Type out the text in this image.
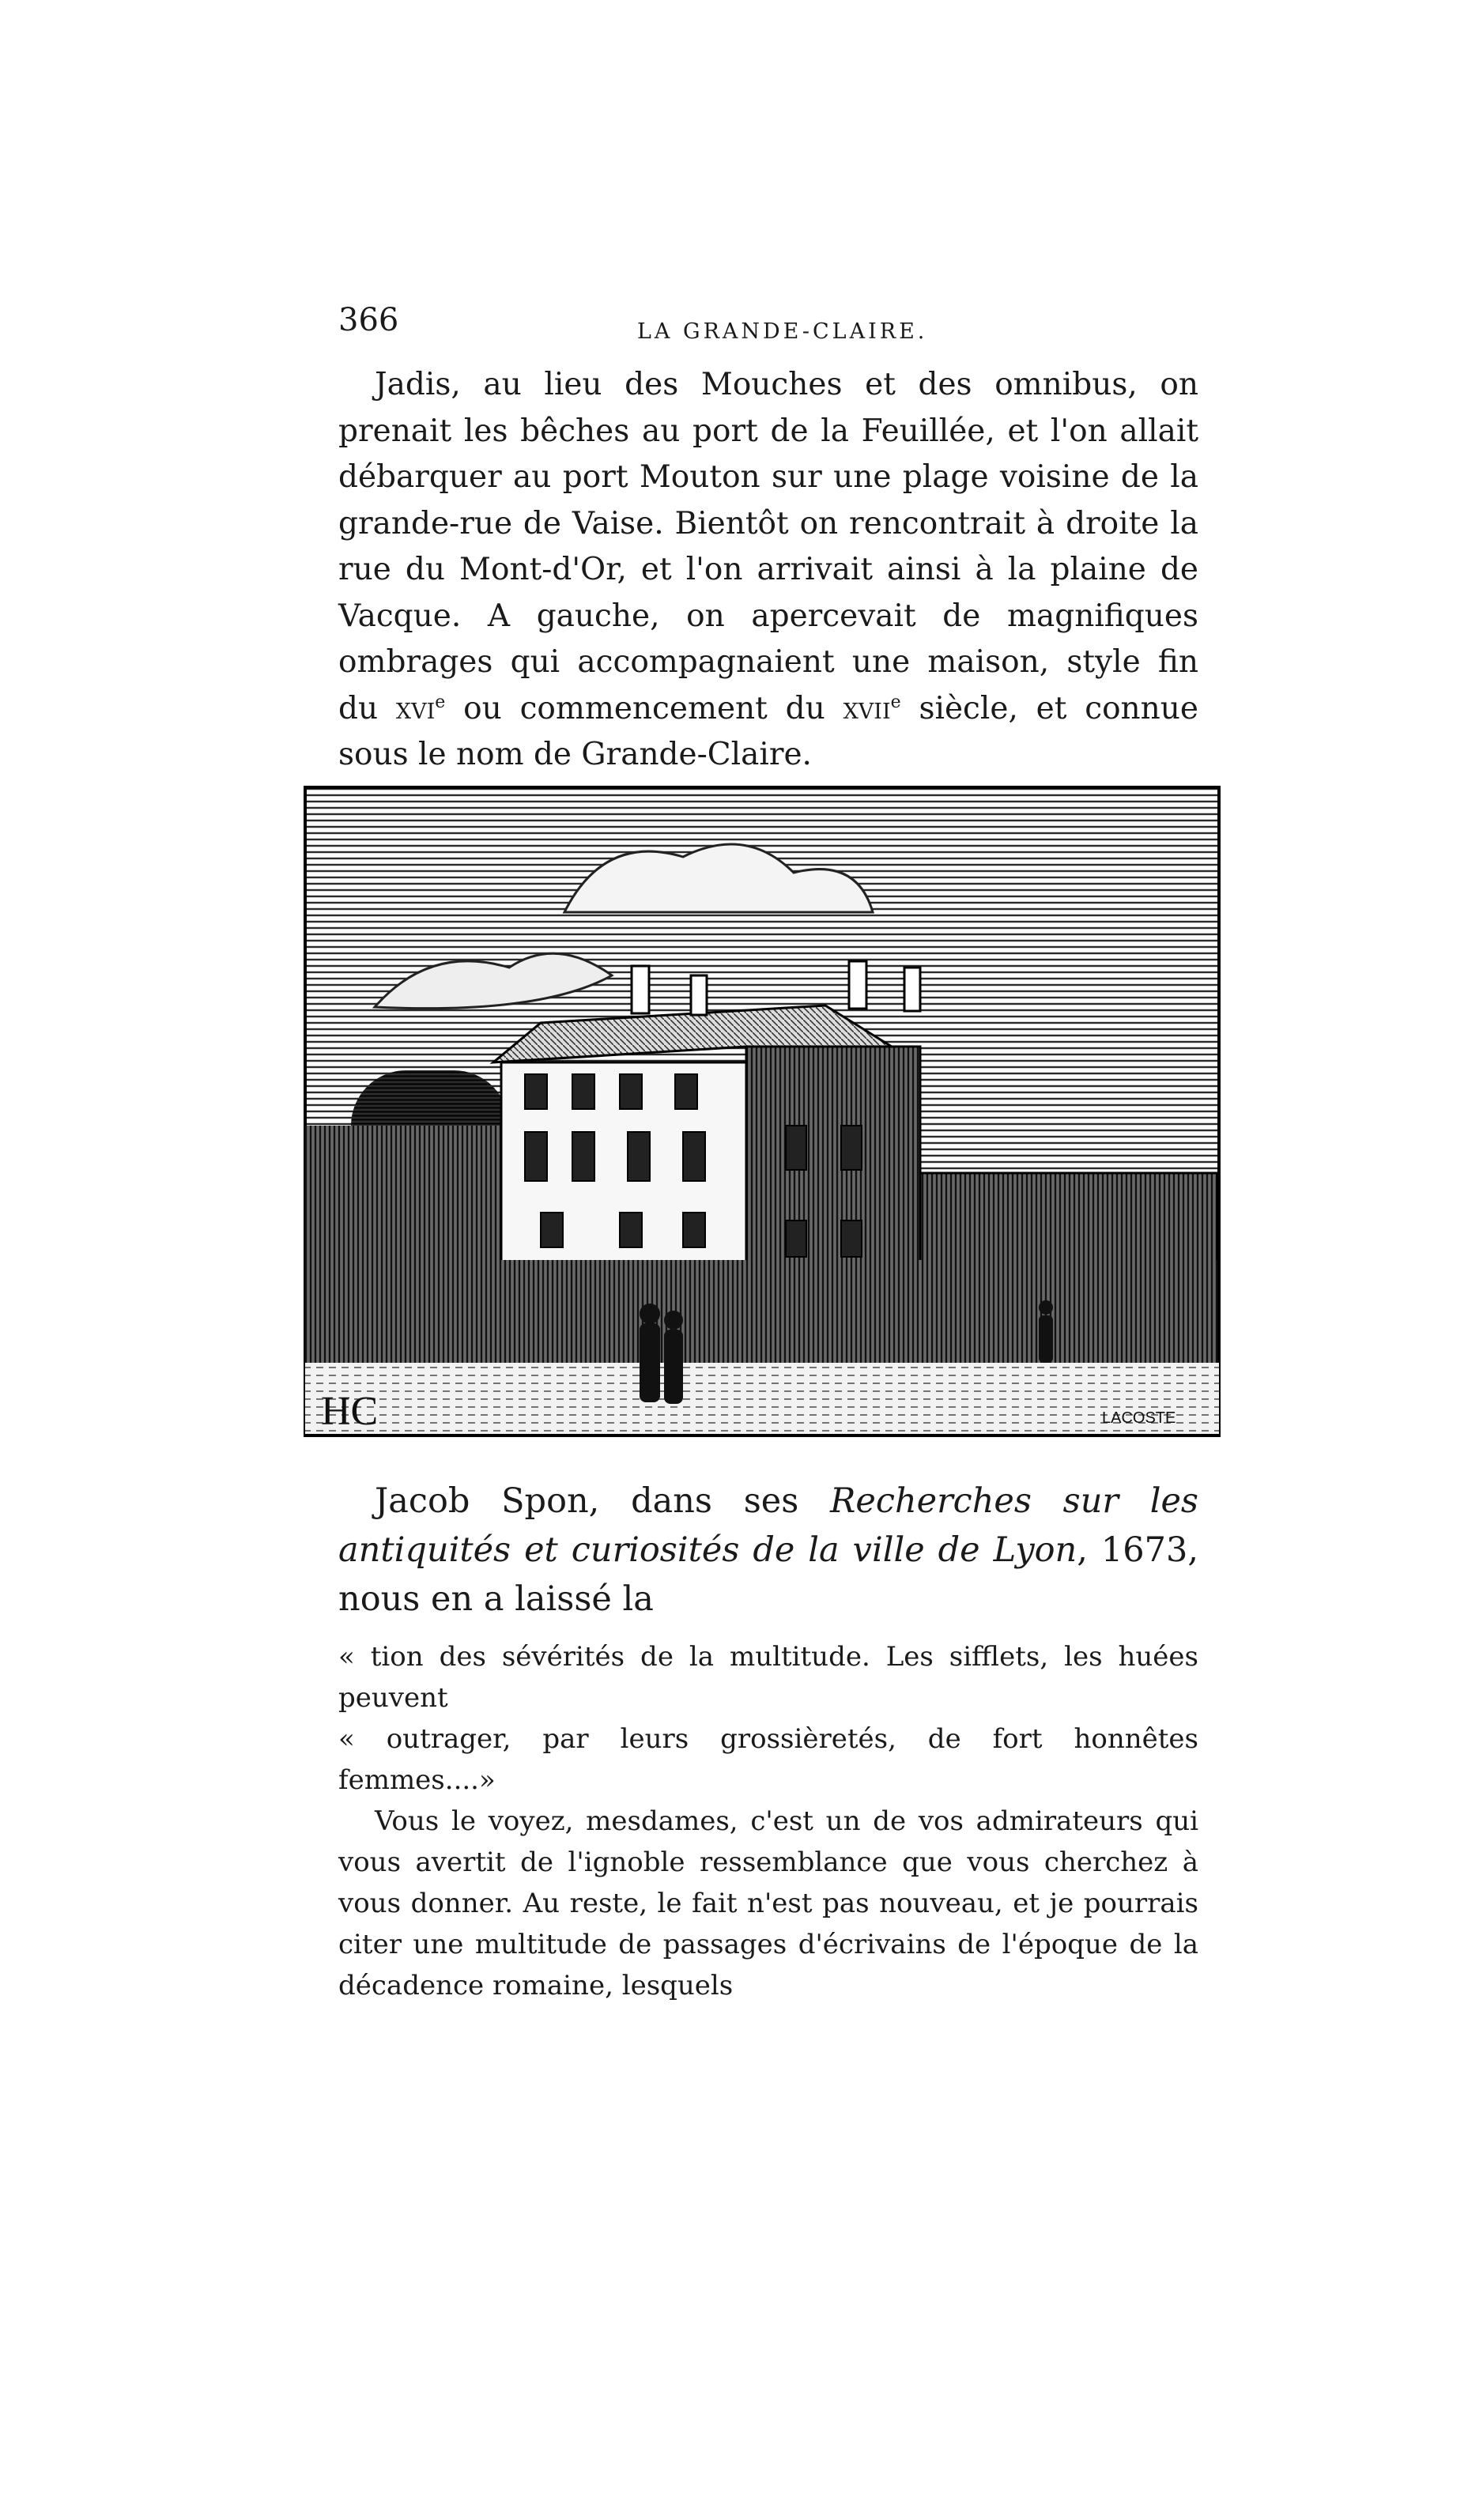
366	LA GRANDE-CLAIRE.

Jadis, au lieu des Mouches et des omnibus, on prenait les bêches au port de la Feuillée, et l'on allait débarquer au port Mouton sur une plage voisine de la grande-rue de Vaise. Bientôt on rencontrait à droite la rue du Mont-d'Or, et l'on arrivait ainsi à la plaine de Vacque. A gauche, on apercevait de magnifiques ombrages qui accompagnaient une maison, style fin du xvi$^e$ ou commencement du xvii$^e$ siècle, et connue sous le nom de Grande-Claire.

HC	LACOSTE

Jacob Spon, dans ses Recherches sur les antiquités et curiosités de la ville de Lyon, 1673, nous en a laissé la

« tion des sévérités de la multitude. Les sifflets, les huées peuvent

« outrager, par leurs grossièretés, de fort honnêtes femmes....»

Vous le voyez, mesdames, c'est un de vos admirateurs qui vous avertit de l'ignoble ressemblance que vous cherchez à vous donner. Au reste, le fait n'est pas nouveau, et je pourrais citer une multitude de passages d'écrivains de l'époque de la décadence romaine, lesquels
